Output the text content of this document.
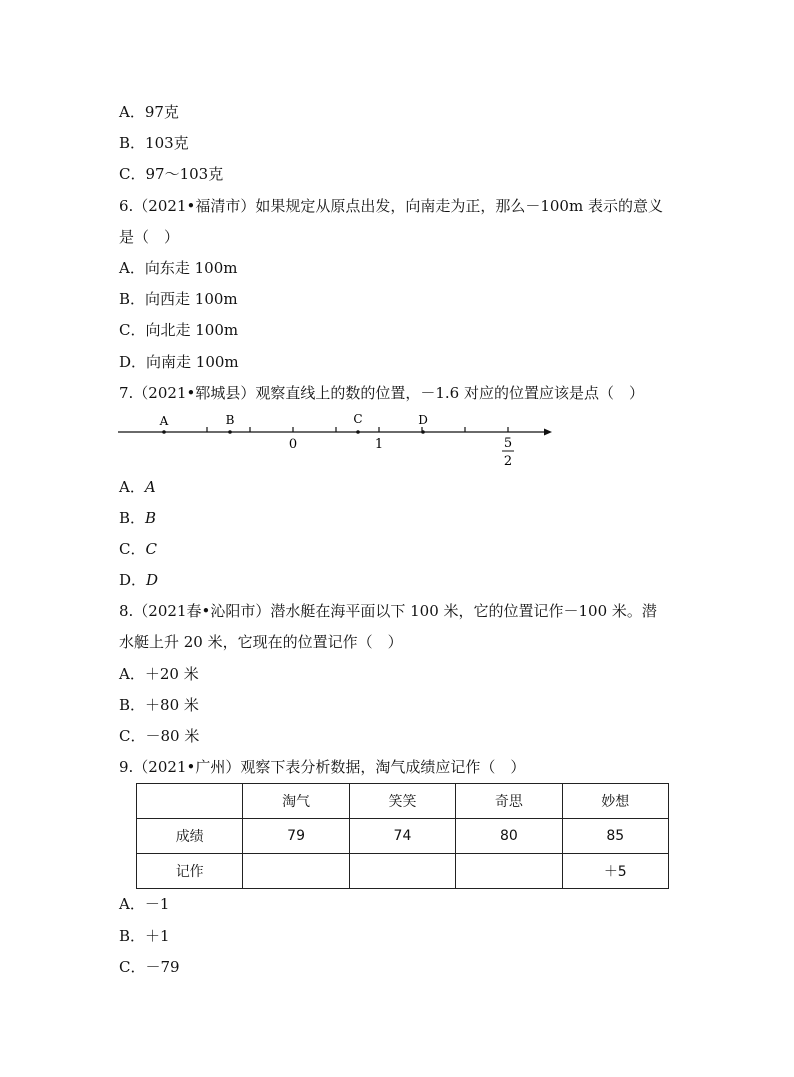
A．97克
B．103克
C．97～103克
6.（2021•福清市）如果规定从原点出发，向南走为正，那么－100m 表示的意义
是（　）
A．向东走 100m
B．向西走 100m
C．向北走 100m
D．向南走 100m
7.（2021•郓城县）观察直线上的数的位置，－1.6 对应的位置应该是点（　）
A	B	C	D
0	1	5
2
A．A
B．B
C．C
D．D
8.（2021春•沁阳市）潜水艇在海平面以下 100 米，它的位置记作－100 米。潜
水艇上升 20 米，它现在的位置记作（　）
A．＋20 米
B．＋80 米
C．－80 米
9.（2021•广州）观察下表分析数据，淘气成绩应记作（　）
	淘气	笑笑	奇思	妙想
成绩	79	74	80	85
记作				＋5
A．－1
B．＋1
C．－79
